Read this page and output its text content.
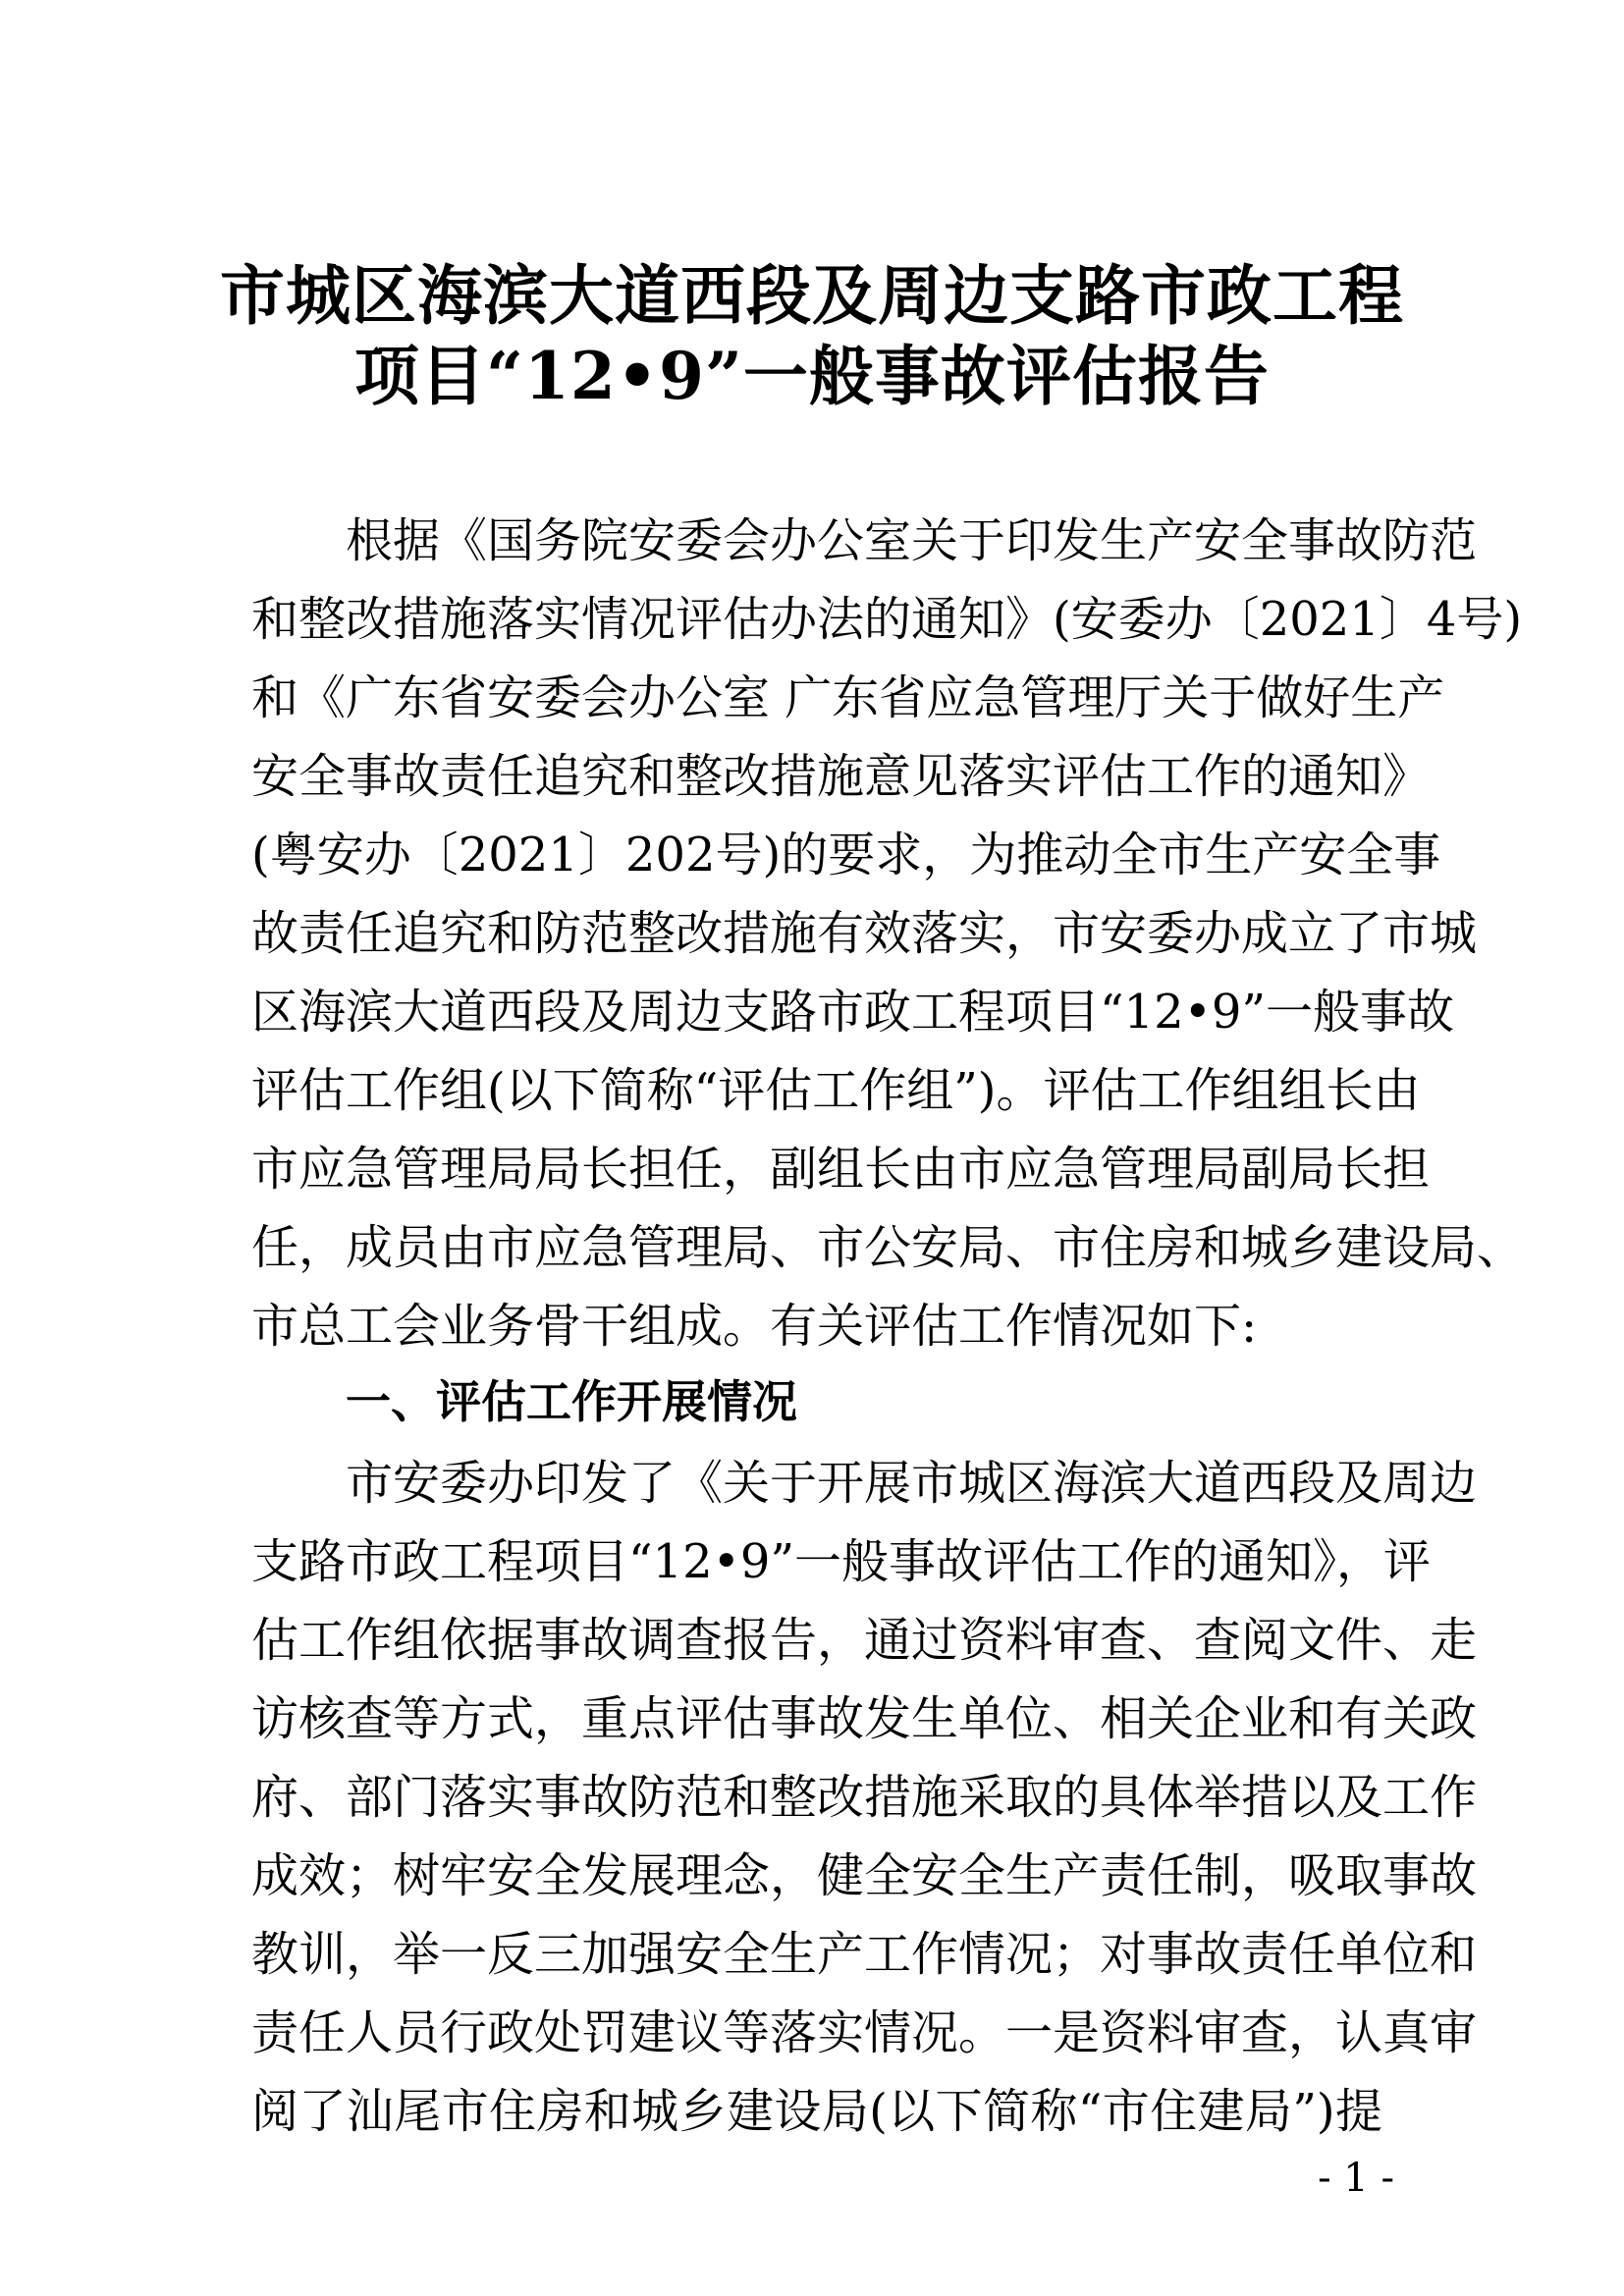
市城区海滨大道西段及周边支路市政工程
项目“12•9”一般事故评估报告
根据《国务院安委会办公室关于印发生产安全事故防范
和整改措施落实情况评估办法的通知》(安委办〔2021〕4号)
和《广东省安委会办公室 广东省应急管理厅关于做好生产
安全事故责任追究和整改措施意见落实评估工作的通知》
(粤安办〔2021〕202号)的要求，为推动全市生产安全事
故责任追究和防范整改措施有效落实，市安委办成立了市城
区海滨大道西段及周边支路市政工程项目“12•9”一般事故
评估工作组(以下简称“评估工作组”)。评估工作组组长由
市应急管理局局长担任，副组长由市应急管理局副局长担
任，成员由市应急管理局、市公安局、市住房和城乡建设局、
市总工会业务骨干组成。有关评估工作情况如下:
一、评估工作开展情况
市安委办印发了《关于开展市城区海滨大道西段及周边
支路市政工程项目“12•9”一般事故评估工作的通知》，评
估工作组依据事故调查报告，通过资料审查、查阅文件、走
访核查等方式，重点评估事故发生单位、相关企业和有关政
府、部门落实事故防范和整改措施采取的具体举措以及工作
成效；树牢安全发展理念，健全安全生产责任制，吸取事故
教训，举一反三加强安全生产工作情况；对事故责任单位和
责任人员行政处罚建议等落实情况。一是资料审查，认真审
阅了汕尾市住房和城乡建设局(以下简称“市住建局”)提
- 1 -
